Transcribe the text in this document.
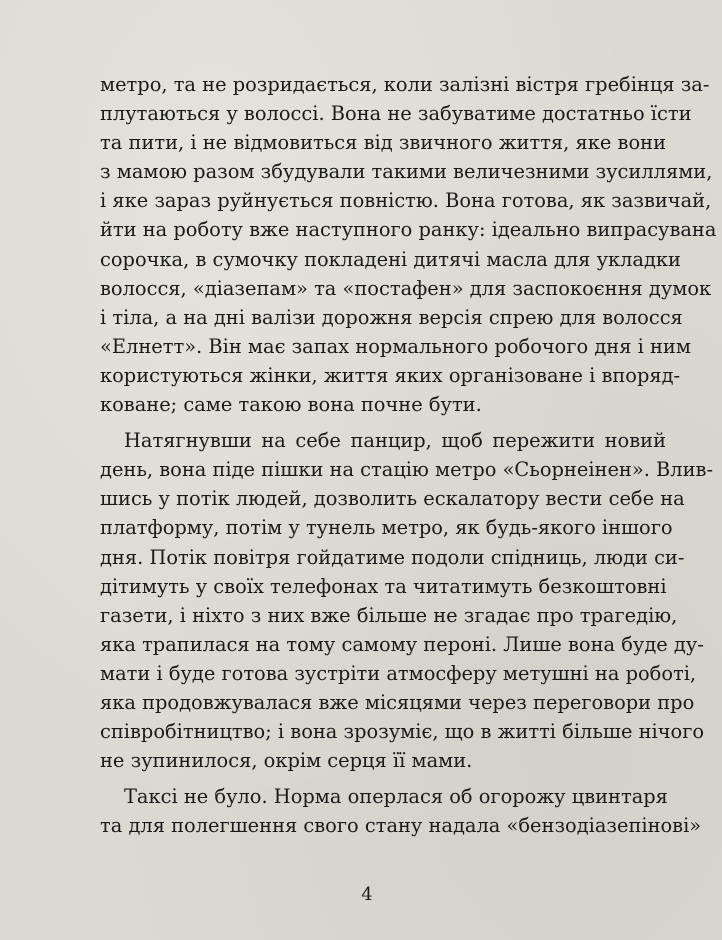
метро, та не розридається, коли залізні вістря гребінця за-
плутаються у волоссі. Вона не забуватиме достатньо їсти
та пити, і не відмовиться від звичного життя, яке вони
з мамою разом збудували такими величезними зусиллями,
і яке зараз руйнується повністю. Вона готова, як зазвичай,
йти на роботу вже наступного ранку: ідеально випрасувана
сорочка, в сумочку покладені дитячі масла для укладки
волосся, «діазепам» та «постафен» для заспокоєння думок
і тіла, а на дні валізи дорожня версія спрею для волосся
«Елнетт». Він має запах нормального робочого дня і ним
користуються жінки, життя яких організоване і впоряд-
коване; саме такою вона почне бути.
Натягнувши на себе панцир, щоб пережити новий
день, вона піде пішки на стацію метро «Сьорнеінен». Влив-
шись у потік людей, дозволить ескалатору вести себе на
платформу, потім у тунель метро, як будь-якого іншого
дня. Потік повітря гойдатиме подоли спідниць, люди си-
дітимуть у своїх телефонах та читатимуть безкоштовні
газети, і ніхто з них вже більше не згадає про трагедію,
яка трапилася на тому самому пероні. Лише вона буде ду-
мати і буде готова зустріти атмосферу метушні на роботі,
яка продовжувалася вже місяцями через переговори про
співробітництво; і вона зрозуміє, що в житті більше нічого
не зупинилося, окрім серця її мами.
Таксі не було. Норма оперлася об огорожу цвинтаря
та для полегшення свого стану надала «бензодіазепінові»
4
